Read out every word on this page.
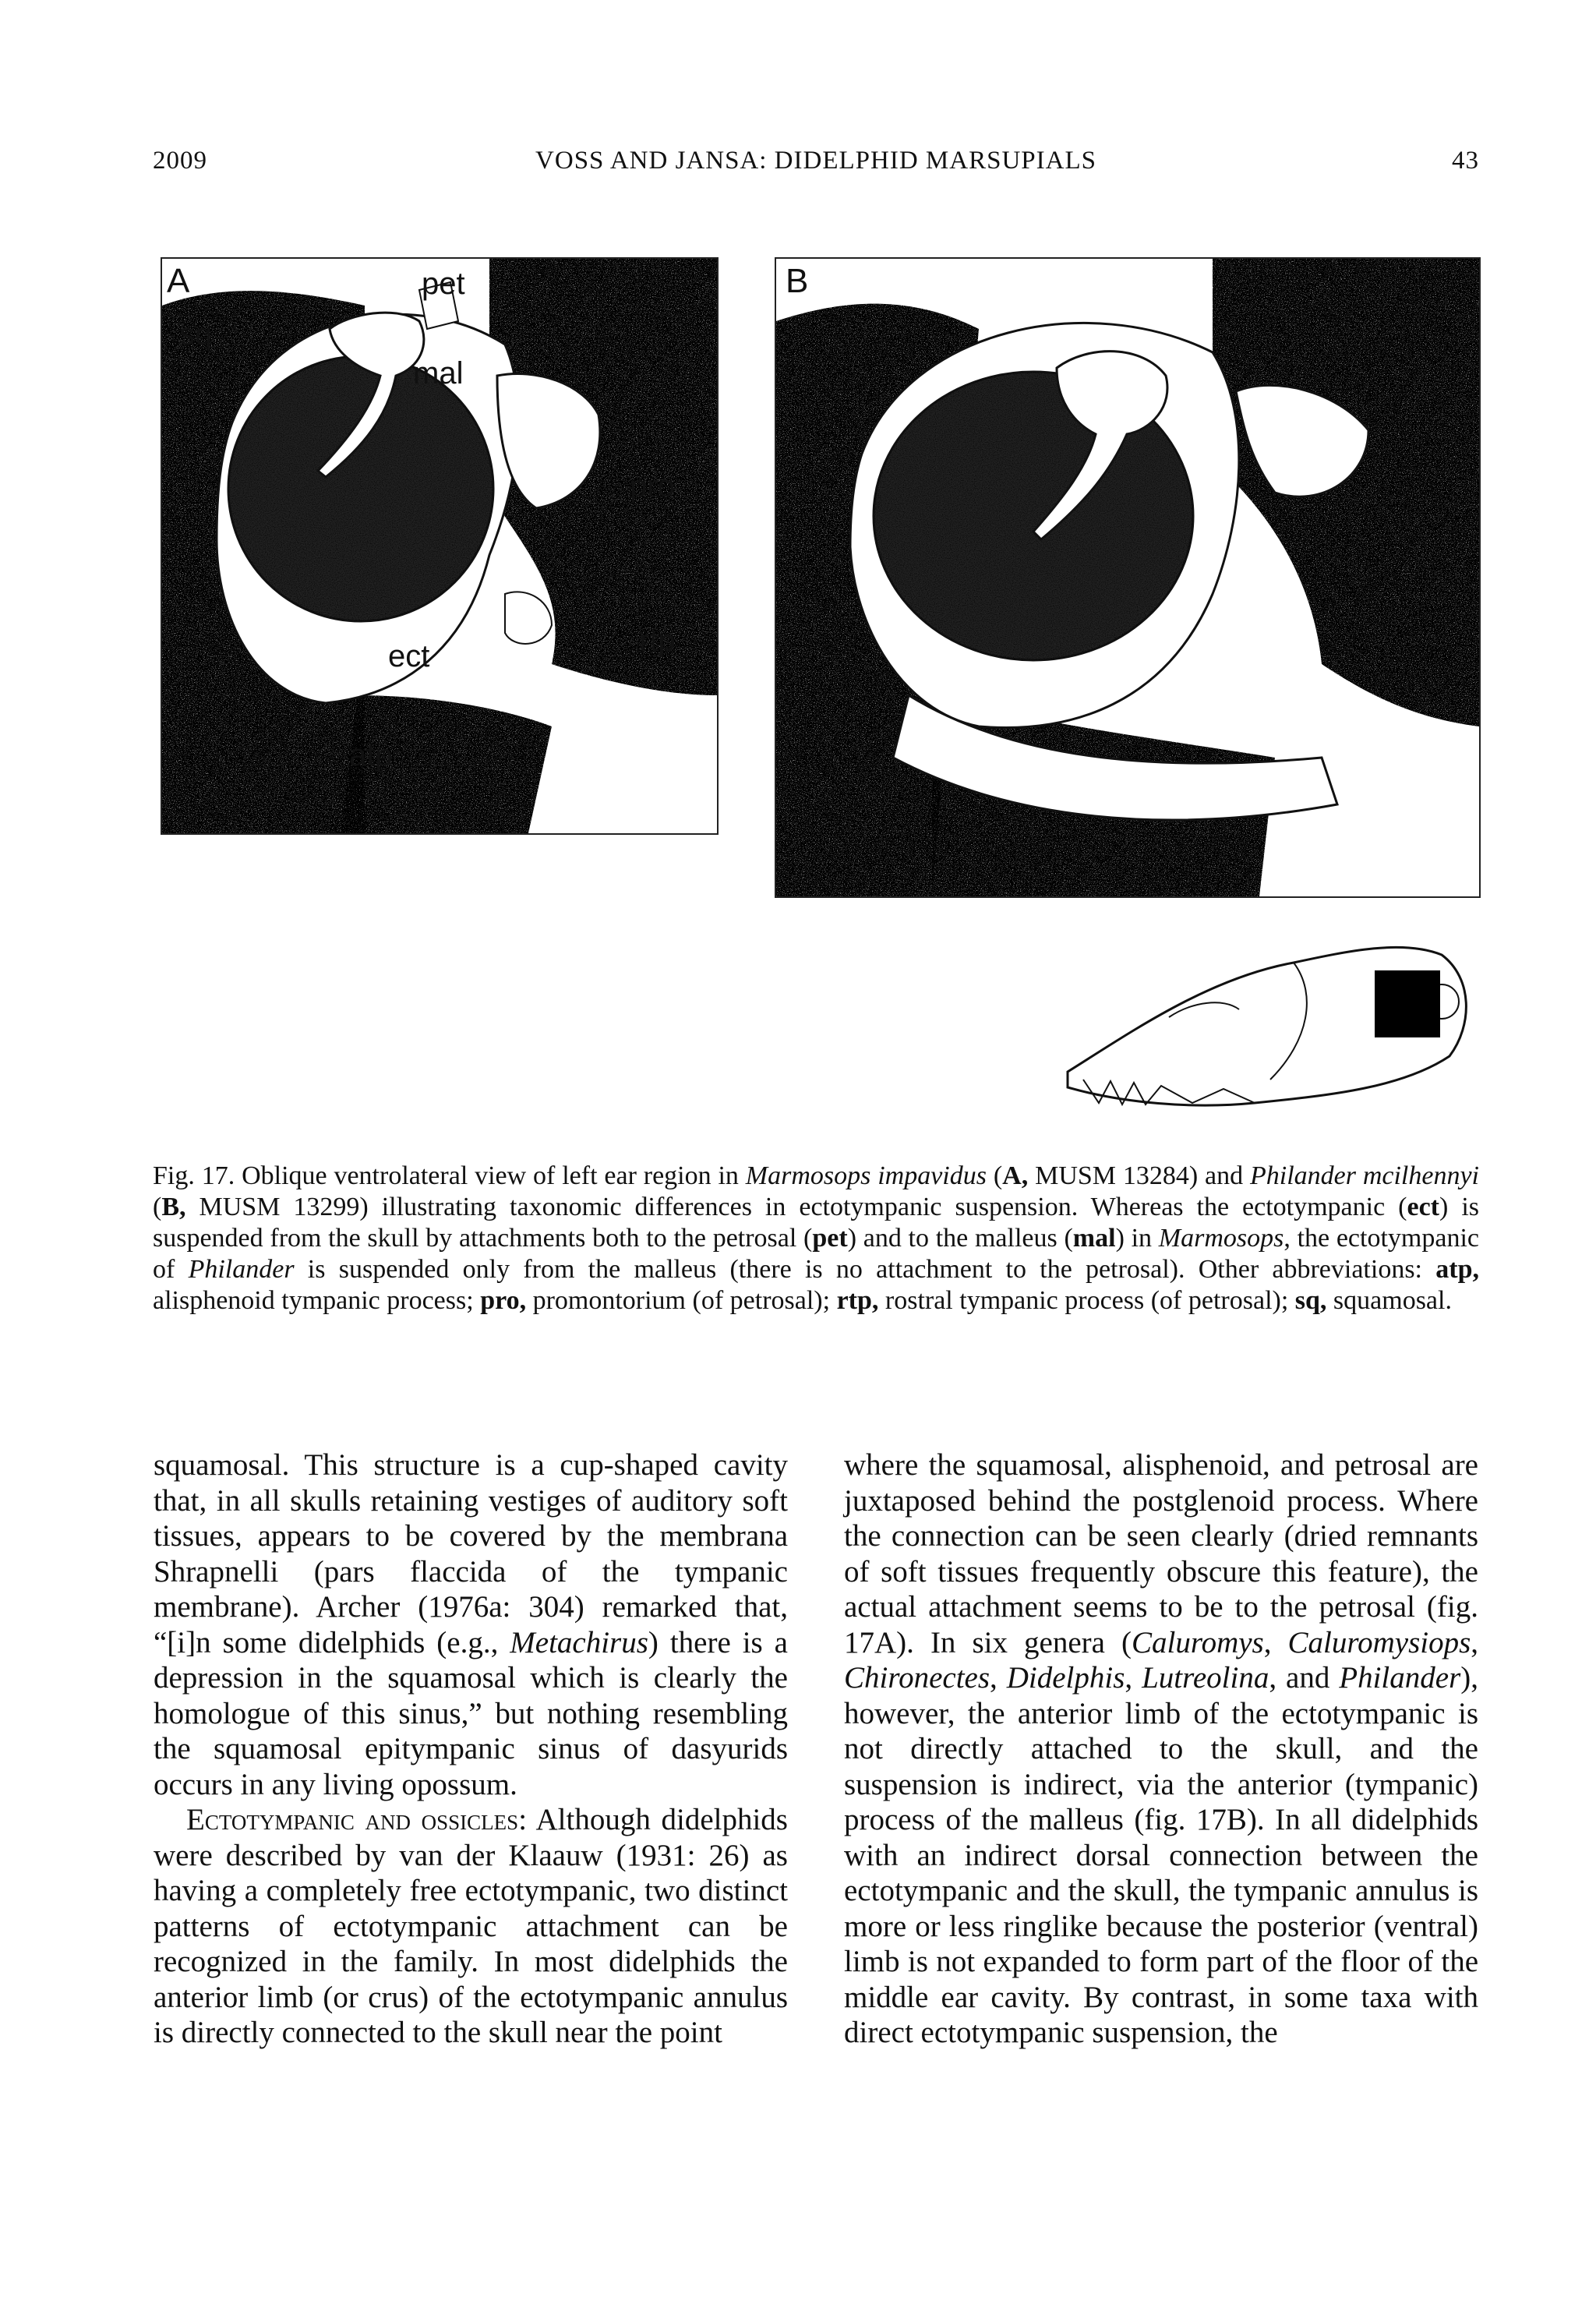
2009	VOSS AND JANSA: DIDELPHID MARSUPIALS	43
A
sq
pet
mal
pro
rtp
ect
atp
B
Fig. 17. Oblique ventrolateral view of left ear region in Marmosops impavidus (A, MUSM 13284) and Philander mcilhennyi (B, MUSM 13299) illustrating taxonomic differences in ectotympanic suspension. Whereas the ectotympanic (ect) is suspended from the skull by attachments both to the petrosal (pet) and to the malleus (mal) in Marmosops, the ectotympanic of Philander is suspended only from the malleus (there is no attachment to the petrosal). Other abbreviations: atp, alisphenoid tympanic process; pro, promontorium (of petrosal); rtp, rostral tympanic process (of petrosal); sq, squamosal.

squamosal. This structure is a cup-shaped cavity that, in all skulls retaining vestiges of auditory soft tissues, appears to be covered by the membrana Shrapnelli (pars flaccida of the tympanic membrane). Archer (1976a: 304) remarked that, “[i]n some didelphids (e.g., Metachirus) there is a depression in the squamosal which is clearly the homologue of this sinus,” but nothing resembling the squamosal epitympanic sinus of dasyurids occurs in any living opossum.

Ectotympanic and ossicles: Although didelphids were described by van der Klaauw (1931: 26) as having a completely free ectotympanic, two distinct patterns of ectotympanic attachment can be recognized in the family. In most didelphids the anterior limb (or crus) of the ectotympanic annulus is directly connected to the skull near the point

where the squamosal, alisphenoid, and petrosal are juxtaposed behind the postglenoid process. Where the connection can be seen clearly (dried remnants of soft tissues frequently obscure this feature), the actual attachment seems to be to the petrosal (fig. 17A). In six genera (Caluromys, Caluromysiops, Chironectes, Didelphis, Lutreolina, and Philander), however, the anterior limb of the ectotympanic is not directly attached to the skull, and the suspension is indirect, via the anterior (tympanic) process of the malleus (fig. 17B). In all didelphids with an indirect dorsal connection between the ectotympanic and the skull, the tympanic annulus is more or less ringlike because the posterior (ventral) limb is not expanded to form part of the floor of the middle ear cavity. By contrast, in some taxa with direct ectotympanic suspension, the
